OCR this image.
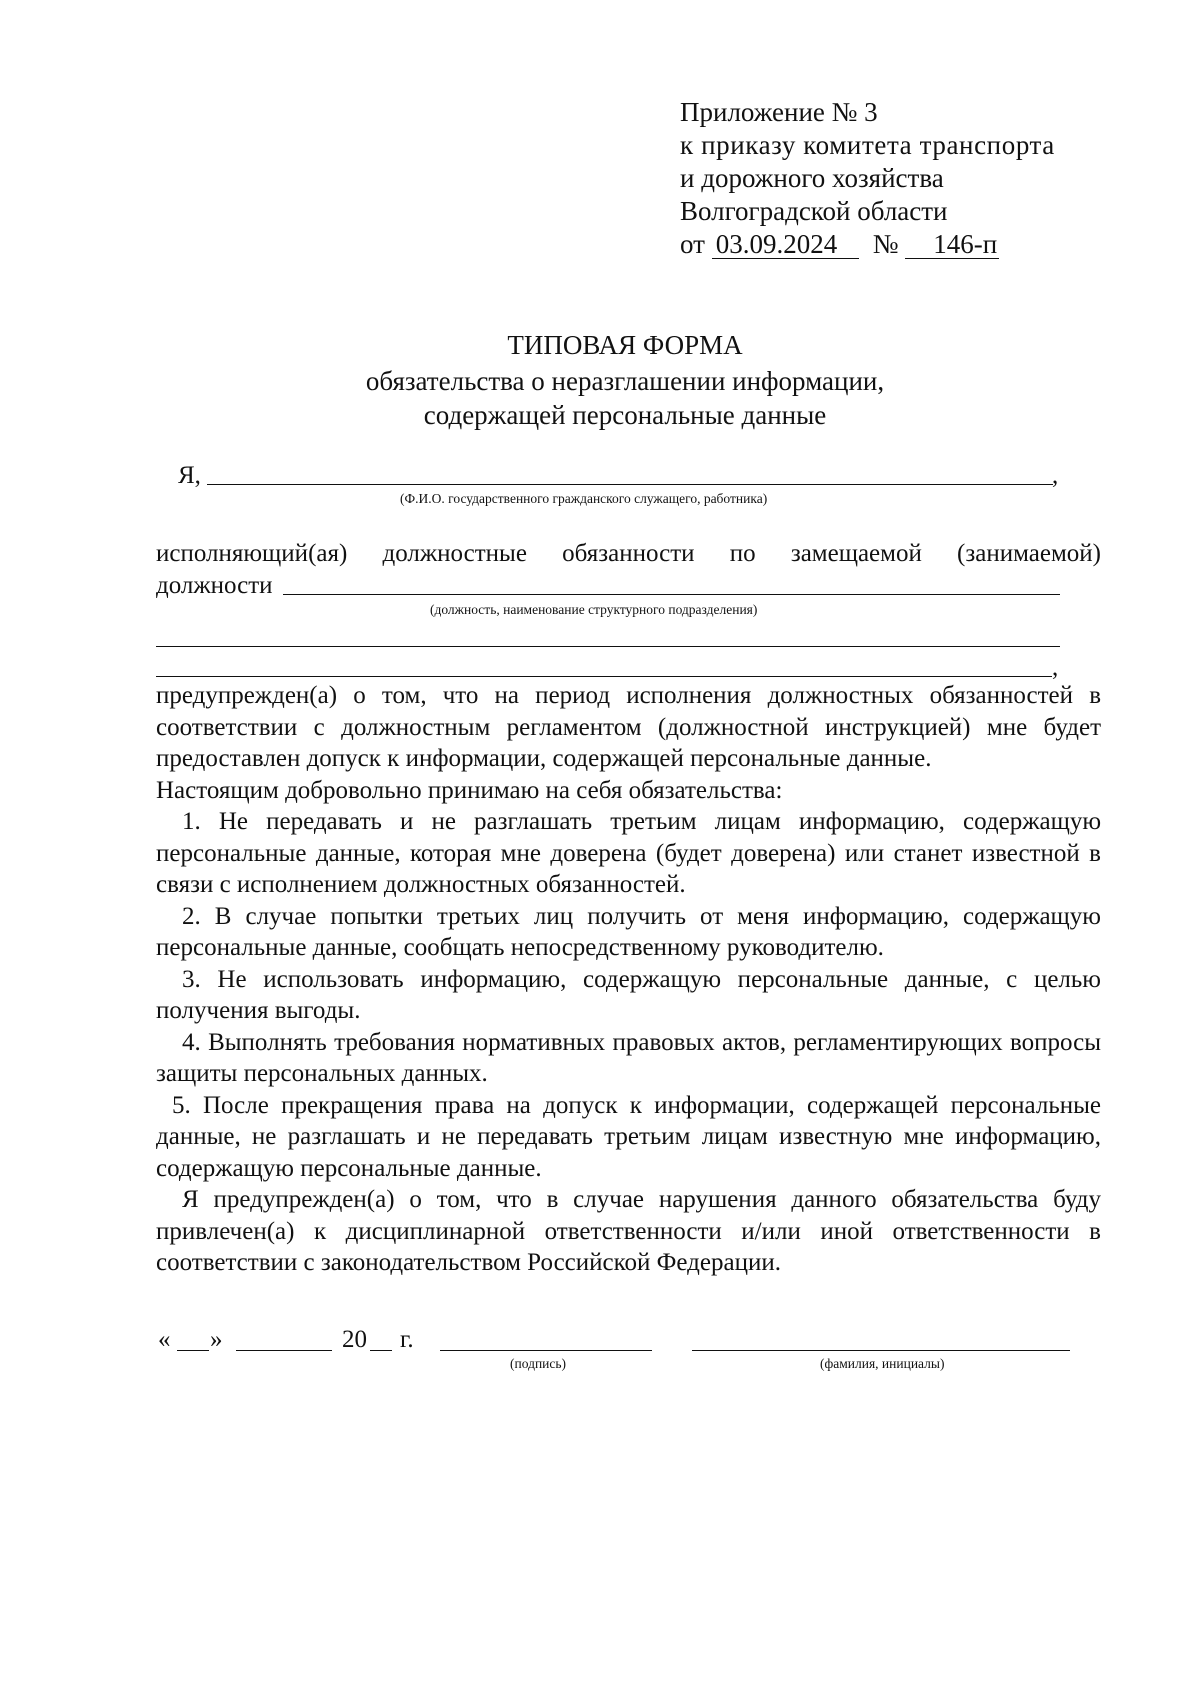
Приложение № 3
к приказу комитета транспорта
и дорожного хозяйства
Волгоградской области
от 03.09.2024 № 146-п
ТИПОВАЯ ФОРМА
обязательства о неразглашении информации,
содержащей персональные данные
Я,	,
(Ф.И.О. государственного гражданского служащего, работника)
исполняющий(ая) должностные обязанности по замещаемой (занимаемой)
должности
(должность, наименование структурного подразделения)
,

предупрежден(а) о том, что на период исполнения должностных обязанностей в соответствии с должностным регламентом (должностной инструкцией) мне будет предоставлен допуск к информации, содержащей персональные данные.

Настоящим добровольно принимаю на себя обязательства:

1. Не передавать и не разглашать третьим лицам информацию, содержащую персональные данные, которая мне доверена (будет доверена) или станет известной в связи с исполнением должностных обязанностей.

2. В случае попытки третьих лиц получить от меня информацию, содержащую персональные данные, сообщать непосредственному руководителю.

3. Не использовать информацию, содержащую персональные данные, с целью получения выгоды.

4. Выполнять требования нормативных правовых актов, регламентирующих вопросы защиты персональных данных.

5. После прекращения права на допуск к информации, содержащей персональные данные, не разглашать и не передавать третьим лицам известную мне информацию, содержащую персональные данные.

Я предупрежден(а) о том, что в случае нарушения данного обязательства буду привлечен(а) к дисциплинарной ответственности и/или иной ответственности в соответствии с законодательством Российской Федерации.

« »	20 г.
(подпись)	(фамилия, инициалы)
